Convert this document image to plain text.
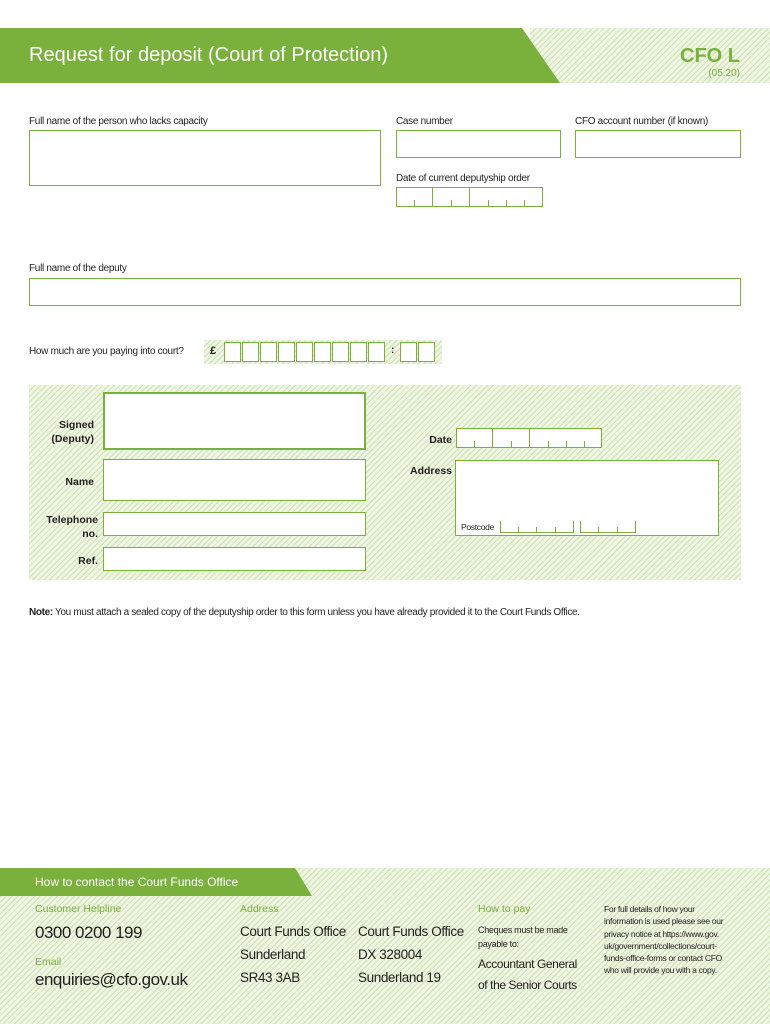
Request for deposit (Court of Protection)	CFO L
(05.20)
Full name of the person who lacks capacity	Case number	CFO account number (if known)
Date of current deputyship order
Full name of the deputy
How much are you paying into court? £	:
Signed
(Deputy)
Name
Telephone
no.
Ref.
Date
Address
Postcode
Note: You must attach a sealed copy of the deputyship order to this form unless you have already provided it to the Court Funds Office.
How to contact the Court Funds Office
Customer Helpline
0300 0200 199
Email
enquiries@cfo.gov.uk
Address
Court Funds Office
Sunderland
SR43 3AB
Court Funds Office
DX 328004
Sunderland 19
How to pay
Cheques must be made
payable to:
Accountant General
of the Senior Courts
For full details of how your
information is used please see our
privacy notice at https://www.gov.
uk/government/collections/court-
funds-office-forms or contact CFO
who will provide you with a copy.
